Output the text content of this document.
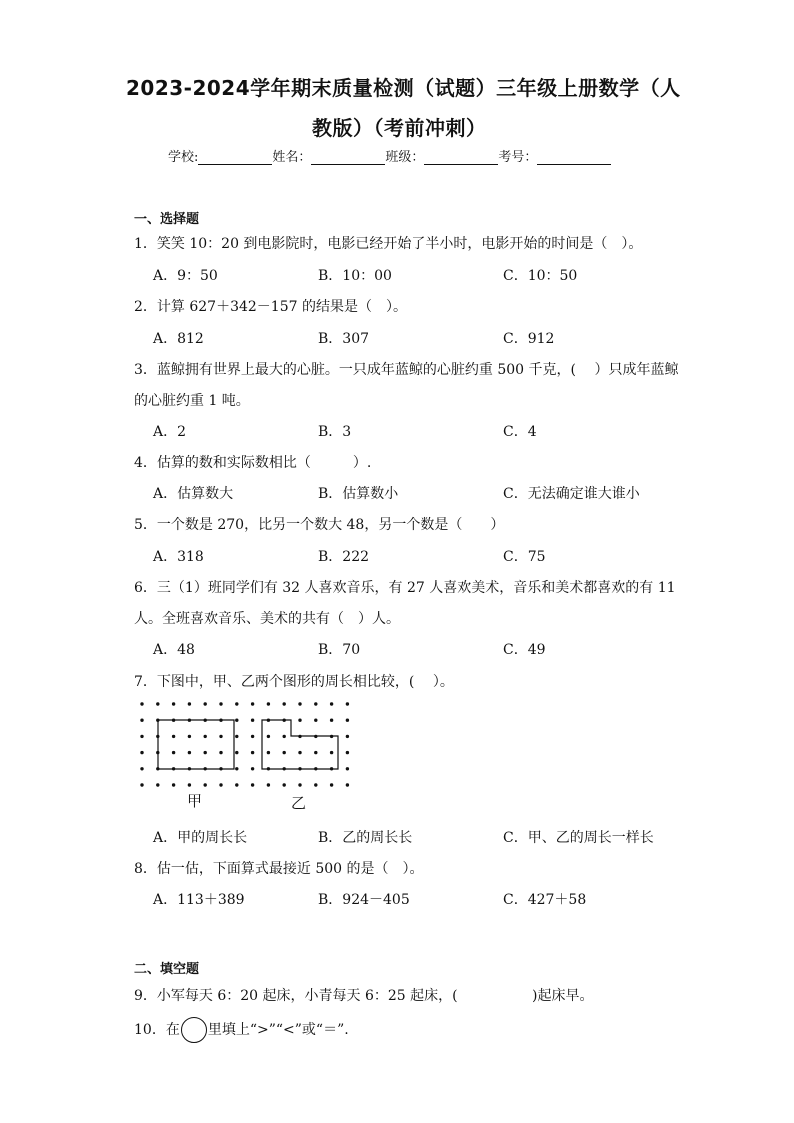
2023-2024学年期末质量检测（试题）三年级上册数学（人
教版）（考前冲刺）
学校:	姓名：	班级：	考号：
一、选择题
1．笑笑 10：20 到电影院时，电影已经开始了半小时，电影开始的时间是（　）。
A．9：50	B．10：00	C．10：50
2．计算 627＋342－157 的结果是（　）。
A．812	B．307	C．912
3．蓝鲸拥有世界上最大的心脏。一只成年蓝鲸的心脏约重 500 千克，(　 ）只成年蓝鲸
的心脏约重 1 吨。
A．2	B．3	C．4
4．估算的数和实际数相比（　　　）.
A．估算数大	B．估算数小	C．无法确定谁大谁小
5．一个数是 270，比另一个数大 48，另一个数是（　　）
A．318	B．222	C．75
6．三（1）班同学们有 32 人喜欢音乐，有 27 人喜欢美术，音乐和美术都喜欢的有 11
人。全班喜欢音乐、美术的共有（　）人。
A．48	B．70	C．49
7．下图中，甲、乙两个图形的周长相比较，(　 ）。
甲	乙
A．甲的周长长	B．乙的周长长	C．甲、乙的周长一样长
8．估一估，下面算式最接近 500 的是（　）。
A．113＋389	B．924－405	C．427＋58
二、填空题
9．小军每天 6：20 起床，小青每天 6：25 起床，(　　　　　 )起床早。
10．在 里填上“>”“<”或“＝”.
